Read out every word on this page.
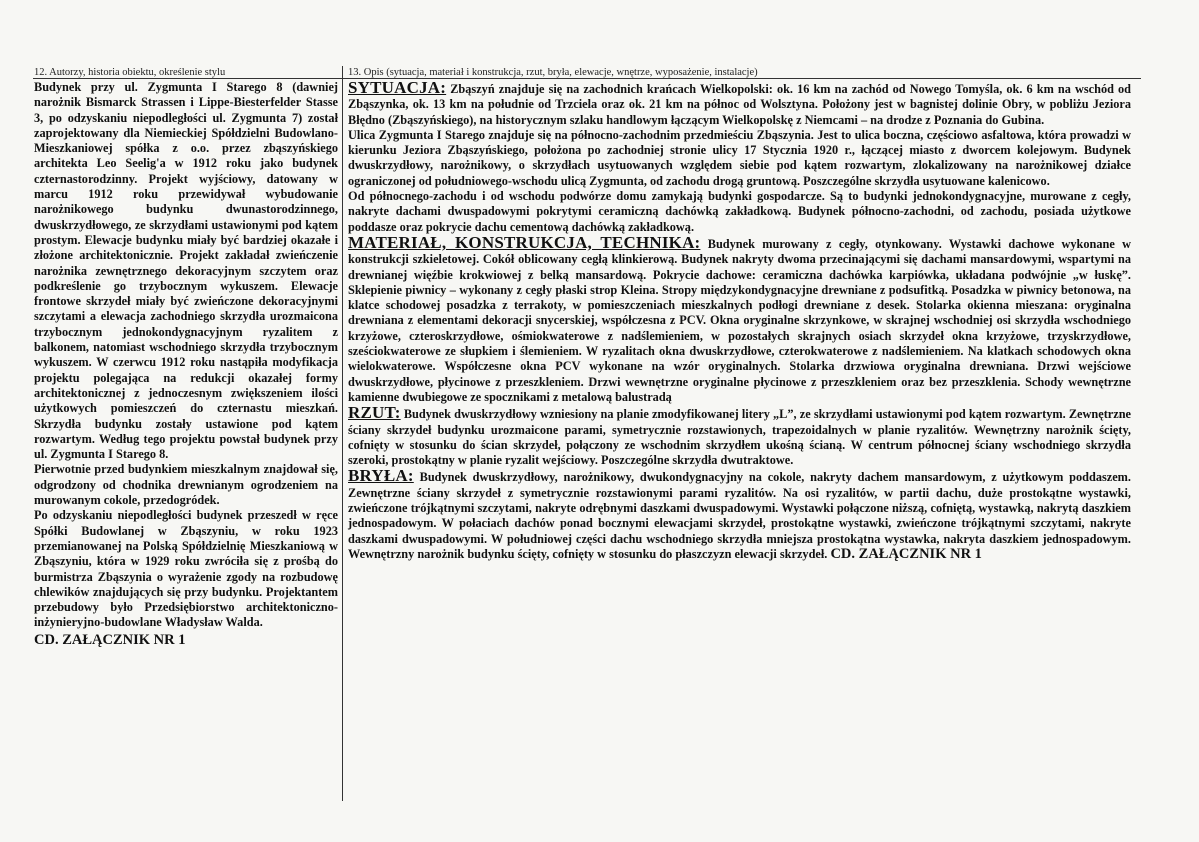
12. Autorzy, historia obiektu, określenie stylu	13. Opis (sytuacja, materiał i konstrukcja, rzut, bryła, elewacje, wnętrze, wyposażenie, instalacje)

Budynek przy ul. Zygmunta I Starego 8 (dawniej narożnik Bismarck Strassen i Lippe-Biesterfelder Stasse 3, po odzyskaniu niepodległości ul. Zygmunta 7) został zaprojektowany dla Niemieckiej Spółdzielni Budowlano-Mieszkaniowej spółka z o.o. przez zbąszyńskiego architekta Leo Seelig'a w 1912 roku jako budynek czternastorodzinny. Projekt wyjściowy, datowany w marcu 1912 roku przewidywał wybudowanie narożnikowego budynku dwunastorodzinnego, dwuskrzydłowego, ze skrzydłami ustawionymi pod kątem prostym. Elewacje budynku miały być bardziej okazałe i złożone architektonicznie. Projekt zakładał zwieńczenie narożnika zewnętrznego dekoracyjnym szczytem oraz podkreślenie go trzybocznym wykuszem. Elewacje frontowe skrzydeł miały być zwieńczone dekoracyjnymi szczytami a elewacja zachodniego skrzydła urozmaicona trzybocznym jednokondygnacyjnym ryzalitem z balkonem, natomiast wschodniego skrzydła trzybocznym wykuszem. W czerwcu 1912 roku nastąpiła modyfikacja projektu polegająca na redukcji okazałej formy architektonicznej z jednoczesnym zwiększeniem ilości użytkowych pomieszczeń do czternastu mieszkań. Skrzydła budynku zostały ustawione pod kątem rozwartym. Według tego projektu powstał budynek przy ul. Zygmunta I Starego 8.

Pierwotnie przed budynkiem mieszkalnym znajdował się, odgrodzony od chodnika drewnianym ogrodzeniem na murowanym cokole, przedogródek.

Po odzyskaniu niepodległości budynek przeszedł w ręce Spółki Budowlanej w Zbąszyniu, w roku 1923 przemianowanej na Polską Spółdzielnię Mieszkaniową w Zbąszyniu, która w 1929 roku zwróciła się z prośbą do burmistrza Zbąszynia o wyrażenie zgody na rozbudowę chlewików znajdujących się przy budynku. Projektantem przebudowy było Przedsiębiorstwo architektoniczno-inżynieryjno-budowlane Władysław Walda.

CD. ZAŁĄCZNIK NR 1

SYTUACJA: Zbąszyń znajduje się na zachodnich krańcach Wielkopolski: ok. 16 km na zachód od Nowego Tomyśla, ok. 6 km na wschód od Zbąszynka, ok. 13 km na południe od Trzciela oraz ok. 21 km na północ od Wolsztyna. Położony jest w bagnistej dolinie Obry, w pobliżu Jeziora Błędno (Zbąszyńskiego), na historycznym szlaku handlowym łączącym Wielkopolskę z Niemcami – na drodze z Poznania do Gubina.

Ulica Zygmunta I Starego znajduje się na północno-zachodnim przedmieściu Zbąszynia. Jest to ulica boczna, częściowo asfaltowa, która prowadzi w kierunku Jeziora Zbąszyńskiego, położona po zachodniej stronie ulicy 17 Stycznia 1920 r., łączącej miasto z dworcem kolejowym. Budynek dwuskrzydłowy, narożnikowy, o skrzydłach usytuowanych względem siebie pod kątem rozwartym, zlokalizowany na narożnikowej działce ograniczonej od południowego-wschodu ulicą Zygmunta, od zachodu drogą gruntową. Poszczególne skrzydła usytuowane kalenicowo.

Od północnego-zachodu i od wschodu podwórze domu zamykają budynki gospodarcze. Są to budynki jednokondygnacyjne, murowane z cegły, nakryte dachami dwuspadowymi pokrytymi ceramiczną dachówką zakładkową. Budynek północno-zachodni, od zachodu, posiada użytkowe poddasze oraz pokrycie dachu cementową dachówką zakładkową.

MATERIAŁ, KONSTRUKCJA, TECHNIKA: Budynek murowany z cegły, otynkowany. Wystawki dachowe wykonane w konstrukcji szkieletowej. Cokół oblicowany cegłą klinkierową. Budynek nakryty dwoma przecinającymi się dachami mansardowymi, wspartymi na drewnianej więźbie krokwiowej z belką mansardową. Pokrycie dachowe: ceramiczna dachówka karpiówka, układana podwójnie „w łuskę”. Sklepienie piwnicy – wykonany z cegły płaski strop Kleina. Stropy międzykondygnacyjne drewniane z podsufitką. Posadzka w piwnicy betonowa, na klatce schodowej posadzka z terrakoty, w pomieszczeniach mieszkalnych podłogi drewniane z desek. Stolarka okienna mieszana: oryginalna drewniana z elementami dekoracji snycerskiej, współczesna z PCV. Okna oryginalne skrzynkowe, w skrajnej wschodniej osi skrzydła wschodniego krzyżowe, czteroskrzydłowe, ośmiokwaterowe z nadślemieniem, w pozostałych skrajnych osiach skrzydeł okna krzyżowe, trzyskrzydłowe, sześciokwaterowe ze słupkiem i ślemieniem. W ryzalitach okna dwuskrzydłowe, czterokwaterowe z nadślemieniem. Na klatkach schodowych okna wielokwaterowe. Współczesne okna PCV wykonane na wzór oryginalnych. Stolarka drzwiowa oryginalna drewniana. Drzwi wejściowe dwuskrzydłowe, płycinowe z przeszkleniem. Drzwi wewnętrzne oryginalne płycinowe z przeszkleniem oraz bez przeszklenia. Schody wewnętrzne kamienne dwubiegowe ze spocznikami z metalową balustradą

RZUT: Budynek dwuskrzydłowy wzniesiony na planie zmodyfikowanej litery „L”, ze skrzydłami ustawionymi pod kątem rozwartym. Zewnętrzne ściany skrzydeł budynku urozmaicone parami, symetrycznie rozstawionych, trapezoidalnych w planie ryzalitów. Wewnętrzny narożnik ścięty, cofnięty w stosunku do ścian skrzydeł, połączony ze wschodnim skrzydłem ukośną ścianą. W centrum północnej ściany wschodniego skrzydła szeroki, prostokątny w planie ryzalit wejściowy. Poszczególne skrzydła dwutraktowe.

BRYŁA: Budynek dwuskrzydłowy, narożnikowy, dwukondygnacyjny na cokole, nakryty dachem mansardowym, z użytkowym poddaszem. Zewnętrzne ściany skrzydeł z symetrycznie rozstawionymi parami ryzalitów. Na osi ryzalitów, w partii dachu, duże prostokątne wystawki, zwieńczone trójkątnymi szczytami, nakryte odrębnymi daszkami dwuspadowymi. Wystawki połączone niższą, cofniętą, wystawką, nakrytą daszkiem jednospadowym. W połaciach dachów ponad bocznymi elewacjami skrzydeł, prostokątne wystawki, zwieńczone trójkątnymi szczytami, nakryte daszkami dwuspadowymi. W południowej części dachu wschodniego skrzydła mniejsza prostokątna wystawka, nakryta daszkiem jednospadowym. Wewnętrzny narożnik budynku ścięty, cofnięty w stosunku do płaszczyzn elewacji skrzydeł. CD. ZAŁĄCZNIK NR 1
